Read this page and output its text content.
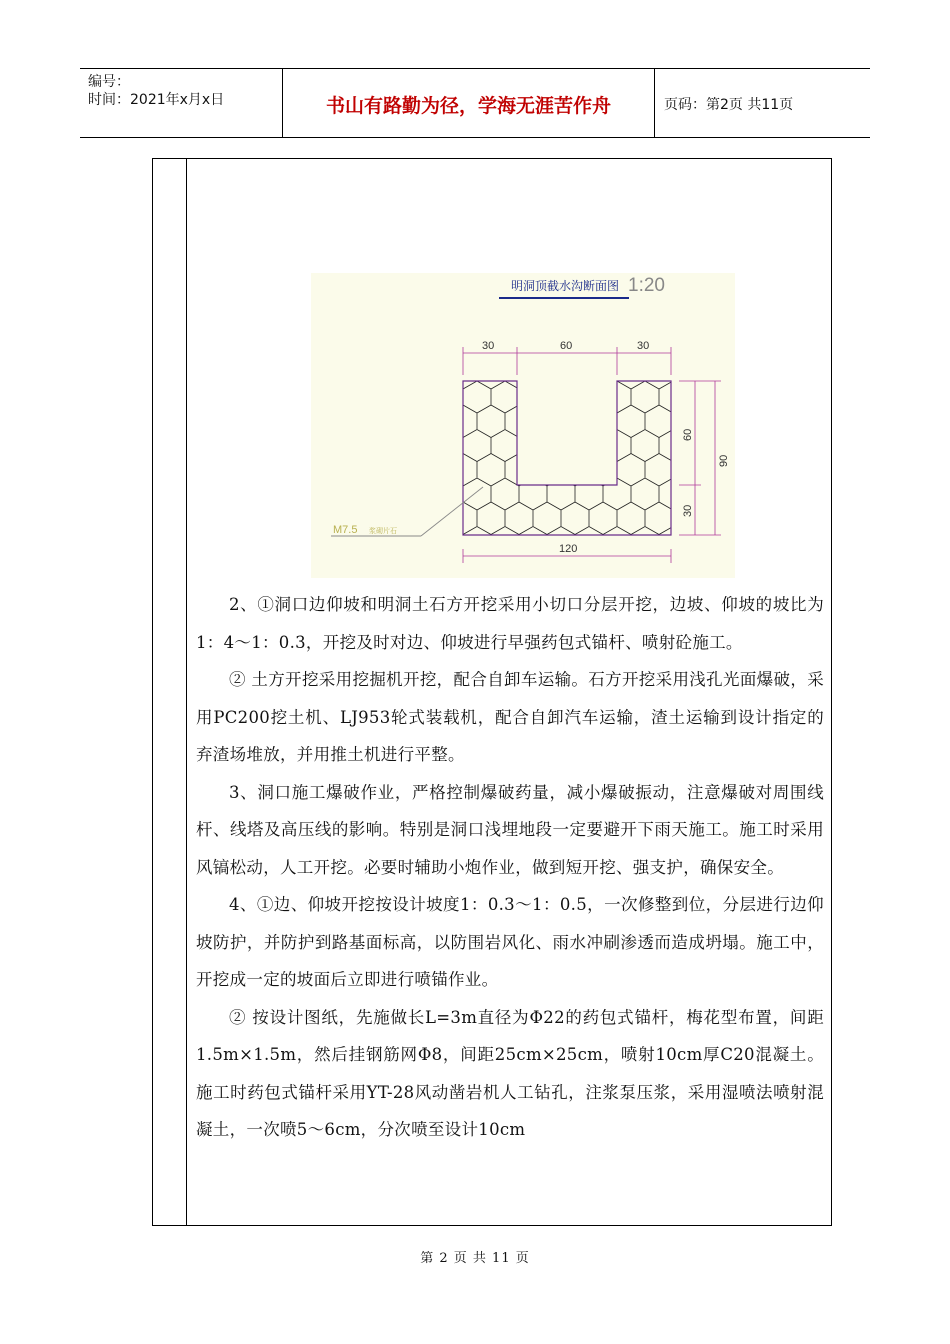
编号：
时间：2021年x月x日	书山有路勤为径，学海无涯苦作舟	页码：第2页 共11页
明洞顶截水沟断面图 1:20
30	60	30
60
30
90
120
M7.5 浆砌片石

2、①洞口边仰坡和明洞土石方开挖采用小切口分层开挖，边坡、仰坡的坡比为1：4～1：0.3，开挖及时对边、仰坡进行早强药包式锚杆、喷射砼施工。

② 土方开挖采用挖掘机开挖，配合自卸车运输。石方开挖采用浅孔光面爆破，采用PC200挖土机、LJ953轮式装载机，配合自卸汽车运输，渣土运输到设计指定的弃渣场堆放，并用推土机进行平整。

3、洞口施工爆破作业，严格控制爆破药量，减小爆破振动，注意爆破对周围线杆、线塔及高压线的影响。特别是洞口浅埋地段一定要避开下雨天施工。施工时采用风镐松动，人工开挖。必要时辅助小炮作业，做到短开挖、强支护，确保安全。

4、①边、仰坡开挖按设计坡度1：0.3～1：0.5，一次修整到位，分层进行边仰坡防护，并防护到路基面标高，以防围岩风化、雨水冲刷渗透而造成坍塌。施工中，开挖成一定的坡面后立即进行喷锚作业。

② 按设计图纸，先施做长L=3m直径为Φ22的药包式锚杆，梅花型布置，间距1.5m×1.5m，然后挂钢筋网Φ8，间距25cm×25cm，喷射10cm厚C20混凝土。施工时药包式锚杆采用YT-28风动凿岩机人工钻孔，注浆泵压浆，采用湿喷法喷射混凝土，一次喷5～6cm，分次喷至设计10cm

第 2 页 共 11 页
